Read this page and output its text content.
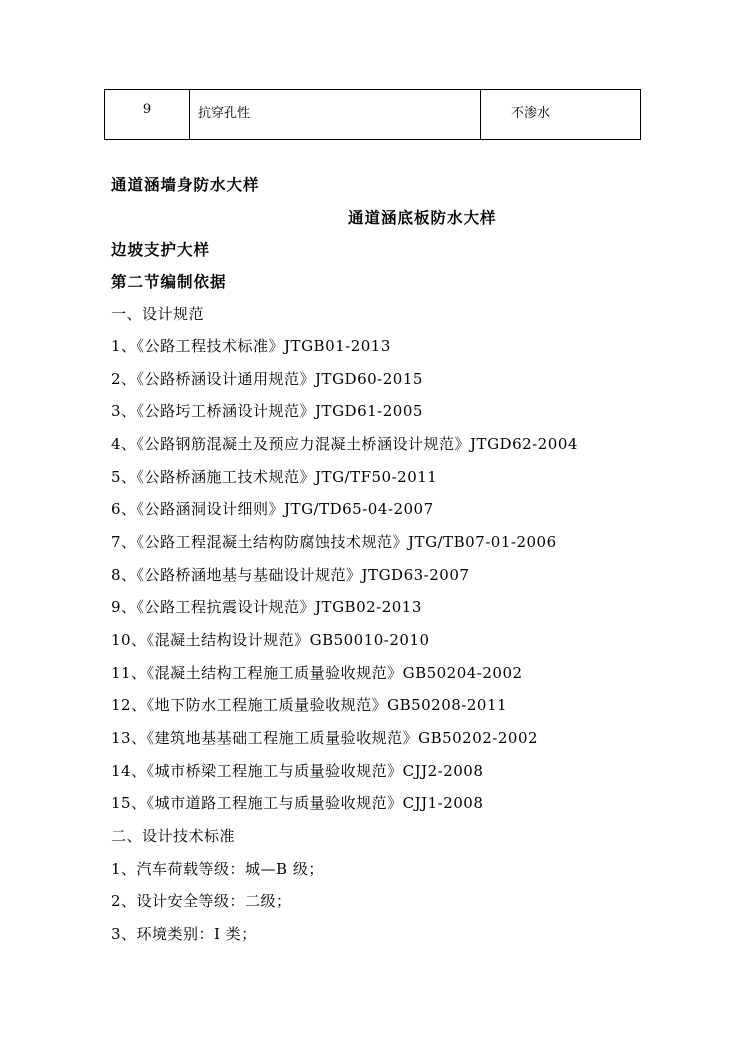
9	抗穿孔性	不渗水
通道涵墙身防水大样
通道涵底板防水大样
边坡支护大样
第二节编制依据
一、设计规范
1、《公路工程技术标准》JTGB01-2013
2、《公路桥涵设计通用规范》JTGD60-2015
3、《公路圬工桥涵设计规范》JTGD61-2005
4、《公路钢筋混凝土及预应力混凝土桥涵设计规范》JTGD62-2004
5、《公路桥涵施工技术规范》JTG/TF50-2011
6、《公路涵洞设计细则》JTG/TD65-04-2007
7、《公路工程混凝土结构防腐蚀技术规范》JTG/TB07-01-2006
8、《公路桥涵地基与基础设计规范》JTGD63-2007
9、《公路工程抗震设计规范》JTGB02-2013
10、《混凝土结构设计规范》GB50010-2010
11、《混凝土结构工程施工质量验收规范》GB50204-2002
12、《地下防水工程施工质量验收规范》GB50208-2011
13、《建筑地基基础工程施工质量验收规范》GB50202-2002
14、《城市桥梁工程施工与质量验收规范》CJJ2-2008
15、《城市道路工程施工与质量验收规范》CJJ1-2008
二、设计技术标准
1、汽车荷载等级：城—B 级；
2、设计安全等级：二级；
3、环境类别：I 类；
